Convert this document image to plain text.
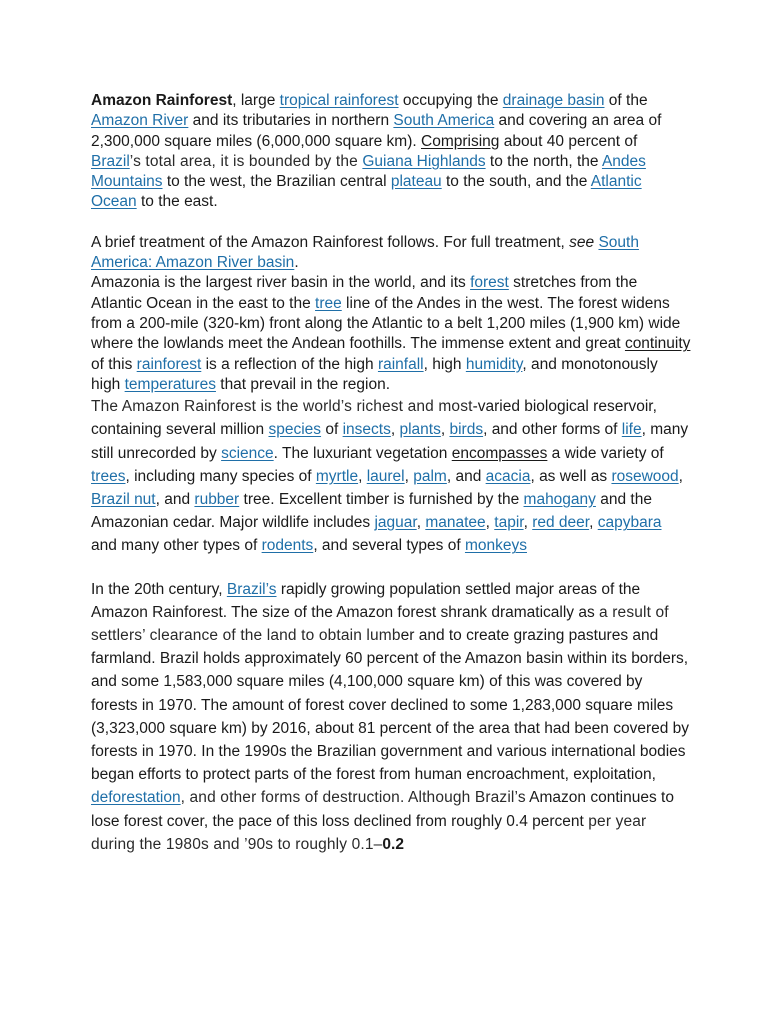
Amazon Rainforest, large tropical rainforest occupying the drainage basin of the Amazon River and its tributaries in northern South America and covering an area of 2,300,000 square miles (6,000,000 square km). Comprising about 40 percent of Brazil’s total area, it is bounded by the Guiana Highlands to the north, the Andes Mountains to the west, the Brazilian central plateau to the south, and the Atlantic Ocean to the east.

A brief treatment of the Amazon Rainforest follows. For full treatment, see South America: Amazon River basin.

Amazonia is the largest river basin in the world, and its forest stretches from the Atlantic Ocean in the east to the tree line of the Andes in the west. The forest widens from a 200-mile (320-km) front along the Atlantic to a belt 1,200 miles (1,900 km) wide where the lowlands meet the Andean foothills. The immense extent and great continuity of this rainforest is a reflection of the high rainfall, high humidity, and monotonously high temperatures that prevail in the region.

The Amazon Rainforest is the world’s richest and most-varied biological reservoir, containing several million species of insects, plants, birds, and other forms of life, many still unrecorded by science. The luxuriant vegetation encompasses a wide variety of trees, including many species of myrtle, laurel, palm, and acacia, as well as rosewood, Brazil nut, and rubber tree. Excellent timber is furnished by the mahogany and the Amazonian cedar. Major wildlife includes jaguar, manatee, tapir, red deer, capybara and many other types of rodents, and several types of monkeys

In the 20th century, Brazil’s rapidly growing population settled major areas of the Amazon Rainforest. The size of the Amazon forest shrank dramatically as a result of settlers’ clearance of the land to obtain lumber and to create grazing pastures and farmland. Brazil holds approximately 60 percent of the Amazon basin within its borders, and some 1,583,000 square miles (4,100,000 square km) of this was covered by forests in 1970. The amount of forest cover declined to some 1,283,000 square miles (3,323,000 square km) by 2016, about 81 percent of the area that had been covered by forests in 1970. In the 1990s the Brazilian government and various international bodies began efforts to protect parts of the forest from human encroachment, exploitation, deforestation, and other forms of destruction. Although Brazil’s Amazon continues to lose forest cover, the pace of this loss declined from roughly 0.4 percent per year during the 1980s and ’90s to roughly 0.1–0.2
